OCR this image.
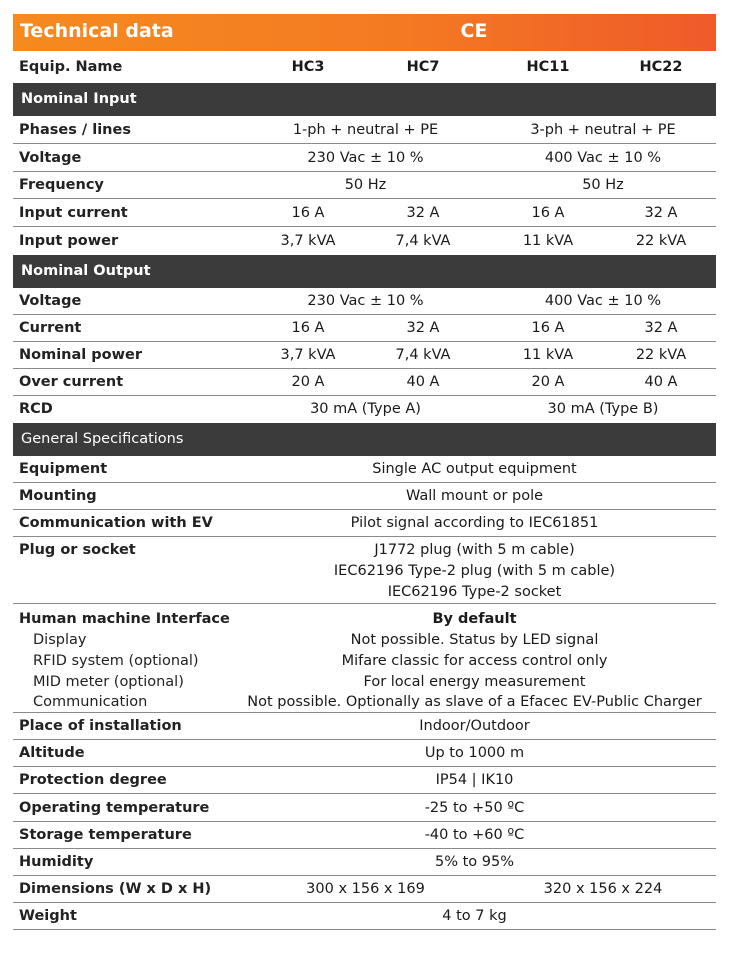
Technical data	CE
Equip. Name	HC3	HC7	HC11	HC22
Nominal Input
Phases / lines	1-ph + neutral + PE	3-ph + neutral + PE
Voltage	230 Vac ± 10 %	400 Vac ± 10 %
Frequency	50 Hz	50 Hz
Input current	16 A	32 A	16 A	32 A
Input power	3,7 kVA	7,4 kVA	11 kVA	22 kVA
Nominal Output
Voltage	230 Vac ± 10 %	400 Vac ± 10 %
Current	16 A	32 A	16 A	32 A
Nominal power	3,7 kVA	7,4 kVA	11 kVA	22 kVA
Over current	20 A	40 A	20 A	40 A
RCD	30 mA (Type A)	30 mA (Type B)
General Specifications
Equipment	Single AC output equipment
Mounting	Wall mount or pole
Communication with EV	Pilot signal according to IEC61851
Plug or socket	J1772 plug (with 5 m cable)
IEC62196 Type-2 plug (with 5 m cable)
IEC62196 Type-2 socket
Human machine Interface	By default
Display	Not possible. Status by LED signal
RFID system (optional)	Mifare classic for access control only
MID meter (optional)	For local energy measurement
Communication	Not possible. Optionally as slave of a Efacec EV-Public Charger
Place of installation	Indoor/Outdoor
Altitude	Up to 1000 m
Protection degree	IP54 | IK10
Operating temperature	-25 to +50 ºC
Storage temperature	-40 to +60 ºC
Humidity	5% to 95%
Dimensions (W x D x H)	300 x 156 x 169	320 x 156 x 224
Weight	4 to 7 kg
